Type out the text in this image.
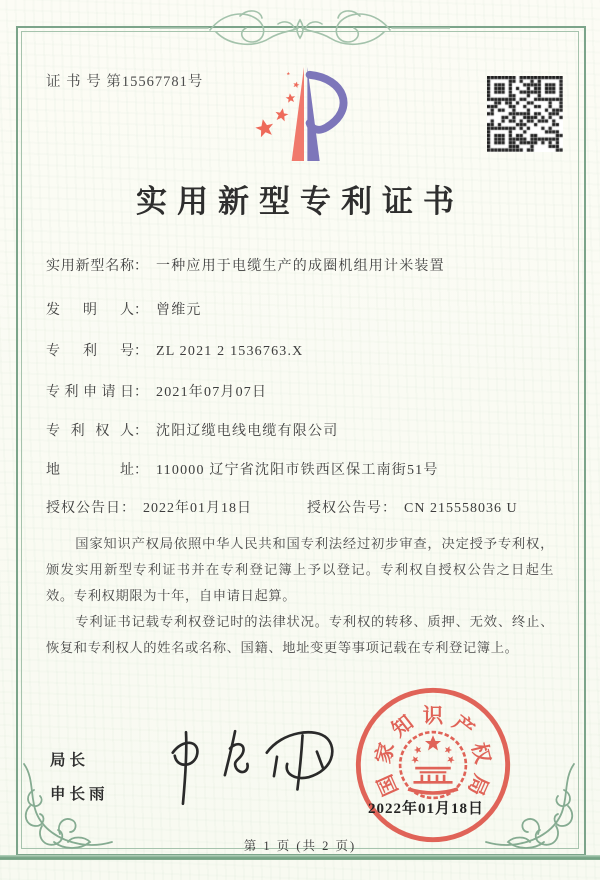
证 书 号 第15567781号
实用新型专利证书
实用新型名称： 一种应用于电缆生产的成圈机组用计米装置
发明人： 曾维元
专利号： ZL 2021 2 1536763.X
专利申请日： 2021年07月07日
专利权人： 沈阳辽缆电线电缆有限公司
地址： 110000 辽宁省沈阳市铁西区保工南街51号
授权公告日： 2022年01月18日	授权公告号： CN 215558036 U

国家知识产权局依照中华人民共和国专利法经过初步审查，决定授予专利权，颁发实用新型专利证书并在专利登记簿上予以登记。专利权自授权公告之日起生效。专利权期限为十年，自申请日起算。

专利证书记载专利权登记时的法律状况。专利权的转移、质押、无效、终止、恢复和专利权人的姓名或名称、国籍、地址变更等事项记载在专利登记簿上。

局长
申长雨	国
家
知 识 产
权
局
2022年01月18日
第 1 页 (共 2 页)
